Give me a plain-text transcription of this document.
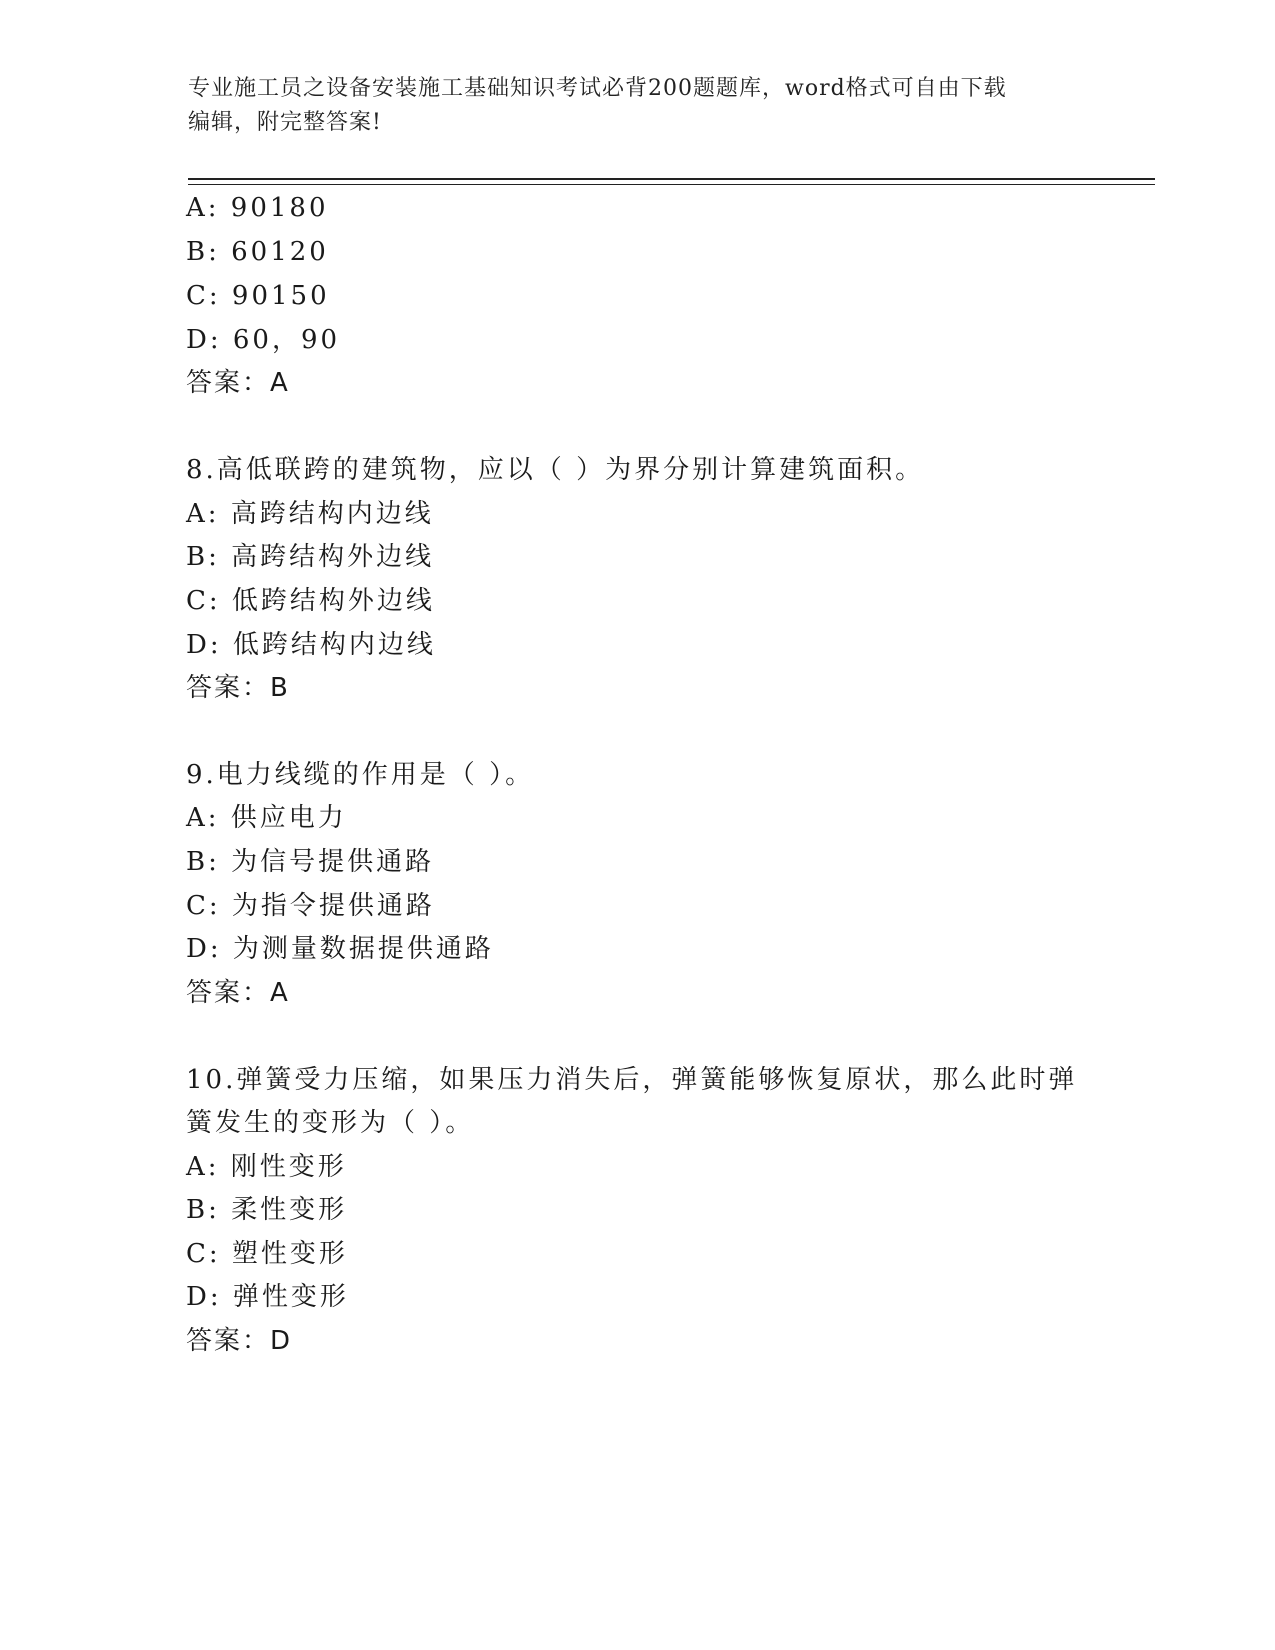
专业施工员之设备安装施工基础知识考试必背200题题库，word格式可自由下载
编辑，附完整答案!
A: 90180
B: 60120
C: 90150
D: 60，90
答案：A
8.高低联跨的建筑物，应以（ ）为界分别计算建筑面积。
A: 高跨结构内边线
B: 高跨结构外边线
C: 低跨结构外边线
D: 低跨结构内边线
答案：B
9.电力线缆的作用是（ ）。
A: 供应电力
B: 为信号提供通路
C: 为指令提供通路
D: 为测量数据提供通路
答案：A
10.弹簧受力压缩，如果压力消失后，弹簧能够恢复原状，那么此时弹
簧发生的变形为（ ）。
A: 刚性变形
B: 柔性变形
C: 塑性变形
D: 弹性变形
答案：D
